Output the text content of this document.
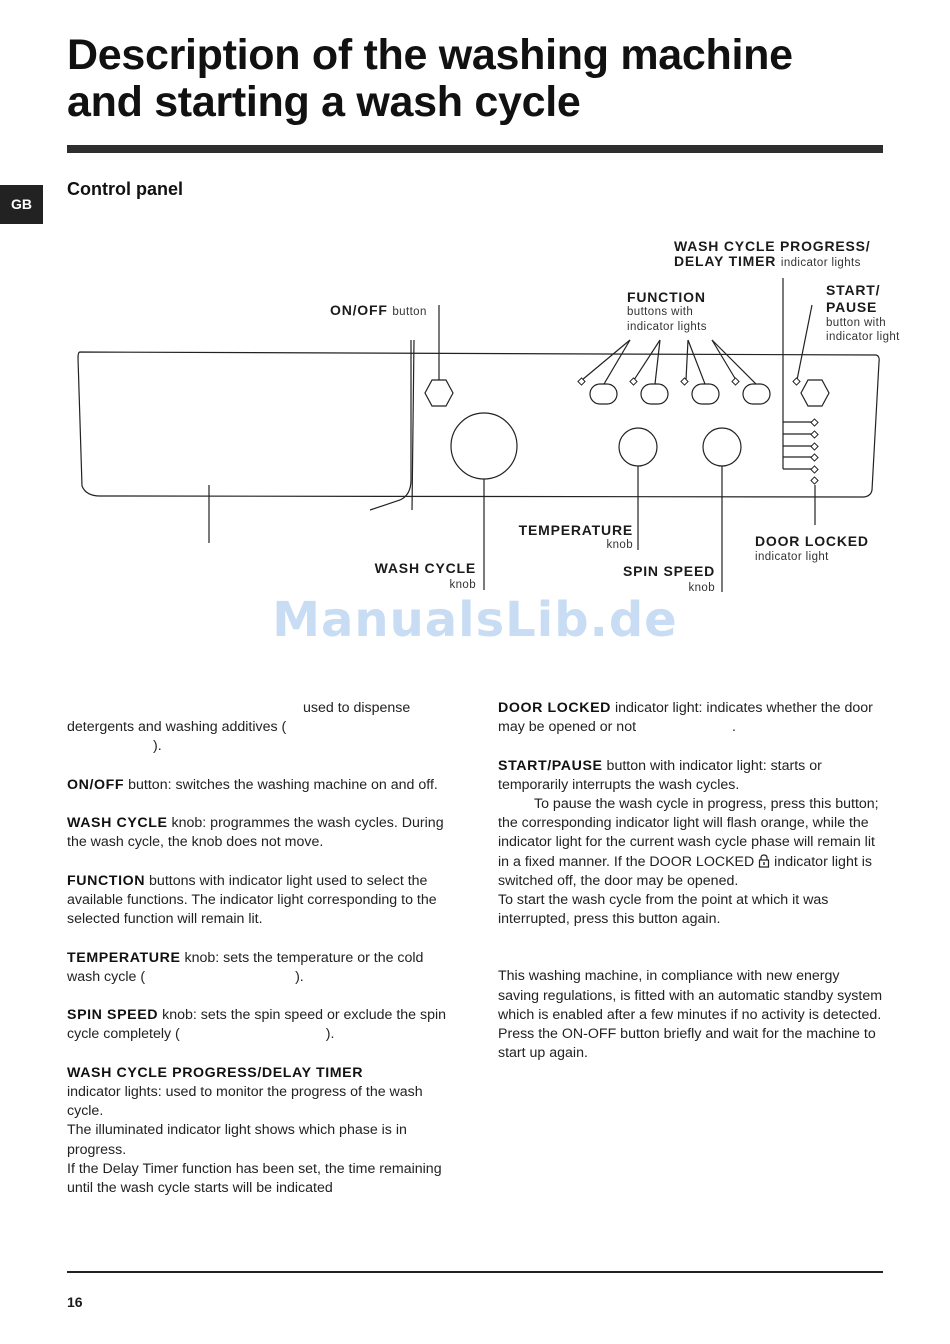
Description of the washing machine
and starting a wash cycle
GB
Control panel
WASH CYCLE PROGRESS/
DELAY TIMER indicator lights
ON/OFF button
FUNCTION
buttons with
indicator lights
START/
PAUSE
button with
indicator light
TEMPERATURE
knob	DOOR LOCKED
indicator light
WASH CYCLE
knob
SPIN SPEED
knob
ManualsLib.de

used to dispense
detergents and washing additives (
).

ON/OFF button: switches the washing machine on and off.

WASH CYCLE knob: programmes the wash cycles. During the wash cycle, the knob does not move.

FUNCTION buttons with indicator light used to select the available functions. The indicator light corresponding to the selected function will remain lit.

TEMPERATURE knob: sets the temperature or the cold wash cycle (	).

SPIN SPEED knob: sets the spin speed or exclude the spin cycle completely (	).

WASH CYCLE PROGRESS/DELAY TIMER
indicator lights: used to monitor the progress of the wash cycle.
The illuminated indicator light shows which phase is in progress.
If the Delay Timer function has been set, the time remaining until the wash cycle starts will be indicated

DOOR LOCKED indicator light: indicates whether the door may be opened or not	.

START/PAUSE button with indicator light: starts or temporarily interrupts the wash cycles.
To pause the wash cycle in progress, press this button; the corresponding indicator light will flash orange, while the indicator light for the current wash cycle phase will remain lit in a fixed manner. If the DOOR LOCKED  indicator light is switched off, the door may be opened.
To start the wash cycle from the point at which it was interrupted, press this button again.

This washing machine, in compliance with new energy saving regulations, is fitted with an automatic standby system which is enabled after a few minutes if no activity is detected. Press the ON-OFF button briefly and wait for the machine to start up again.

16
